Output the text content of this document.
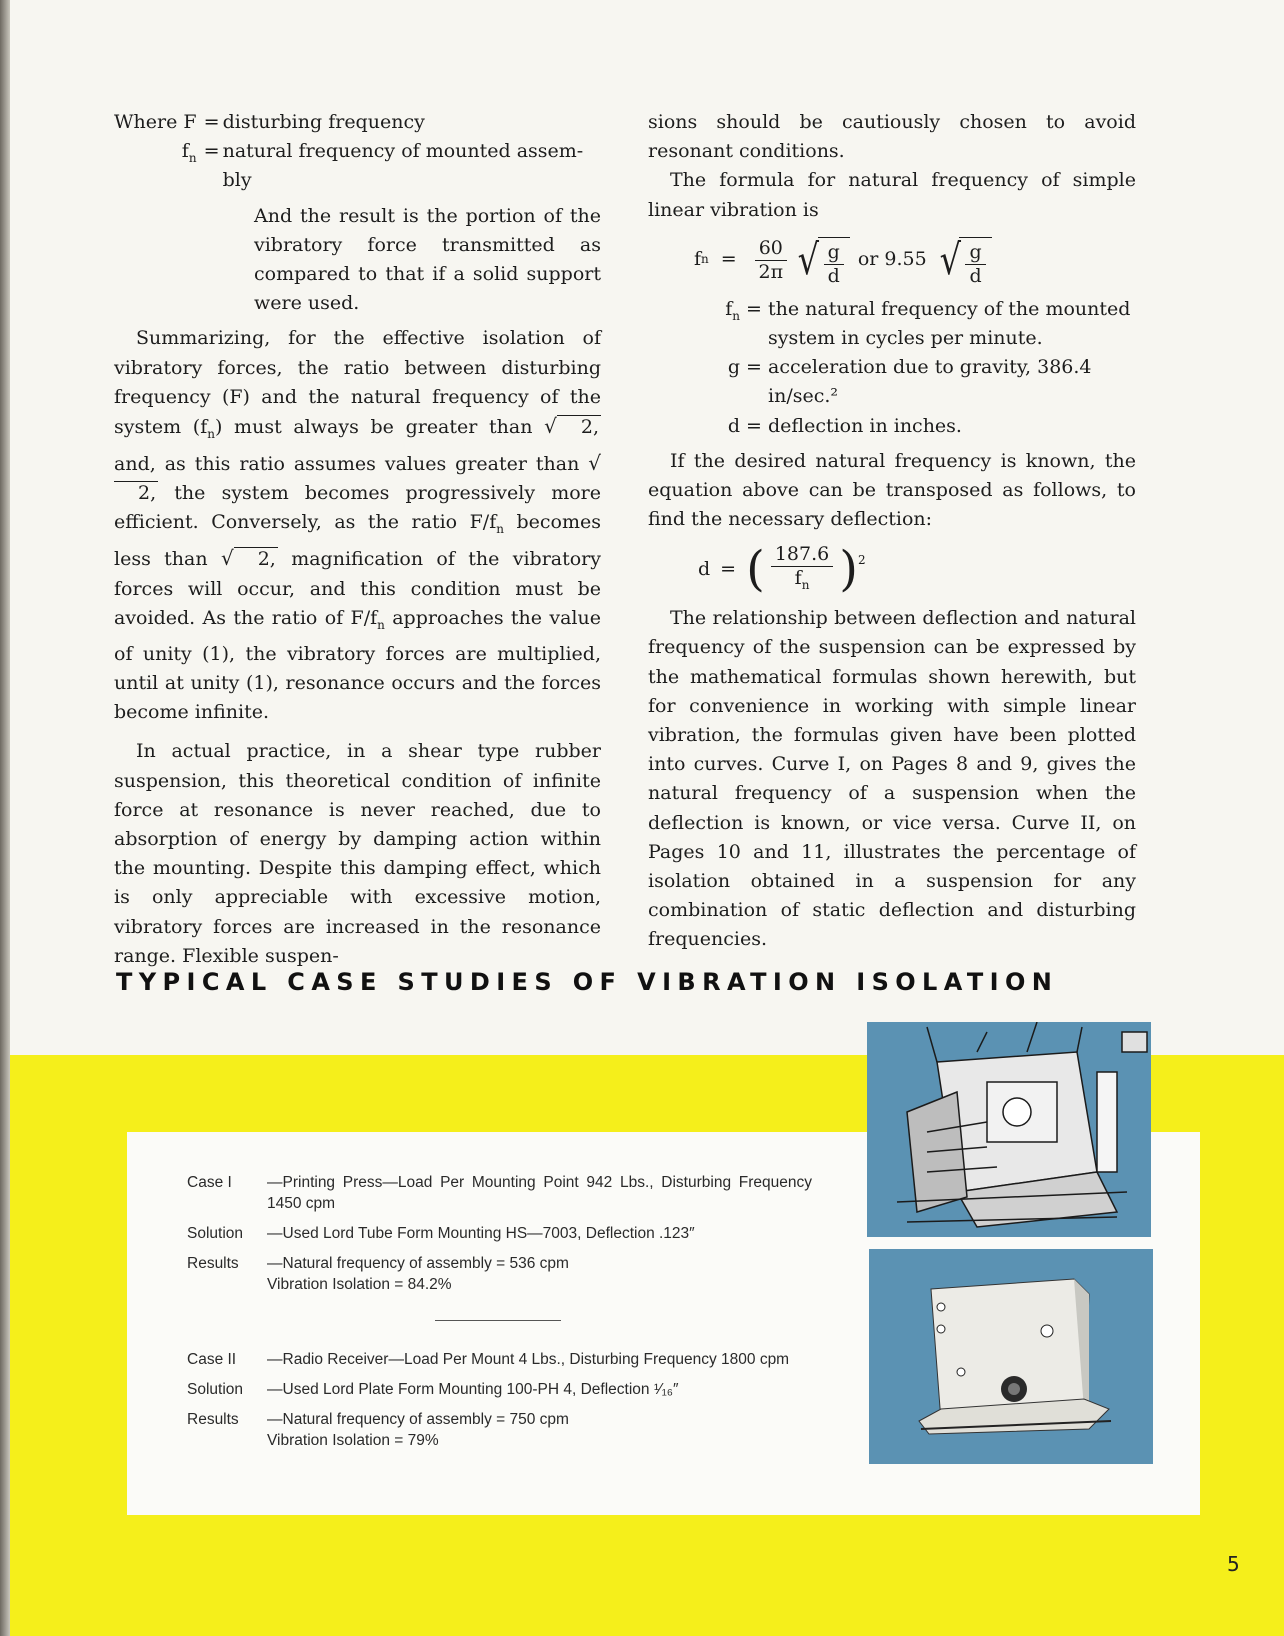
Where F = disturbing frequency
$f_n$ = natural frequency of mounted assem-bly

And the result is the portion of the vibratory force transmitted as compared to that if a solid support were used.

Summarizing, for the effective isolation of vibratory forces, the ratio between disturbing frequency (F) and the natural frequency of the system $(f_n)$ must always be greater than √ 2, and, as this ratio assumes values greater than √2, the system becomes progressively more efficient. Conversely, as the ratio $F/f_n$ becomes less than √ 2, magnification of the vibratory forces will occur, and this condition must be avoided. As the ratio of $F/f_n$ approaches the value of unity (1), the vibratory forces are multiplied, until at unity (1), resonance occurs and the forces become infinite.

In actual practice, in a shear type rubber suspension, this theoretical condition of infinite force at resonance is never reached, due to absorption of energy by damping action within the mounting. Despite this damping effect, which is only appreciable with excessive motion, vibratory forces are increased in the resonance range. Flexible suspen-

sions should be cautiously chosen to avoid resonant conditions.

The formula for natural frequency of simple linear vibration is

f $n = \frac{60}{2\pi}$ √ $\frac{g}{d}$ or 9.55 √ $\frac{g}{d}$
$f_n$ = the natural frequency of the mounted system in cycles per minute.
g = acceleration due to gravity, 386.4 in/sec.²
d = deflection in inches.

If the desired natural frequency is known, the equation above can be transposed as follows, to find the necessary deflection:

d = ( $\frac{187.6}{f_n} )^2$

The relationship between deflection and natural frequency of the suspension can be expressed by the mathematical formulas shown herewith, but for convenience in working with simple linear vibration, the formulas given have been plotted into curves. Curve I, on Pages 8 and 9, gives the natural frequency of a suspension when the deflection is known, or vice versa. Curve II, on Pages 10 and 11, illustrates the percentage of isolation obtained in a suspension for any combination of static deflection and disturbing frequencies.

TYPICAL CASE STUDIES OF VIBRATION ISOLATION
Case I	—Printing Press—Load Per Mounting Point 942 Lbs., Disturbing Frequency 1450 cpm
Solution	—Used Lord Tube Form Mounting HS—7003, Deflection .123″
Results	—Natural frequency of assembly = 536 cpm
Vibration Isolation = 84.2%
Case II	—Radio Receiver—Load Per Mount 4 Lbs., Disturbing Frequency 1800 cpm
Solution	—Used Lord Plate Form Mounting 100-PH 4, Deflection ¹⁄₁₆″
Results	—Natural frequency of assembly = 750 cpm
Vibration Isolation = 79%
5
